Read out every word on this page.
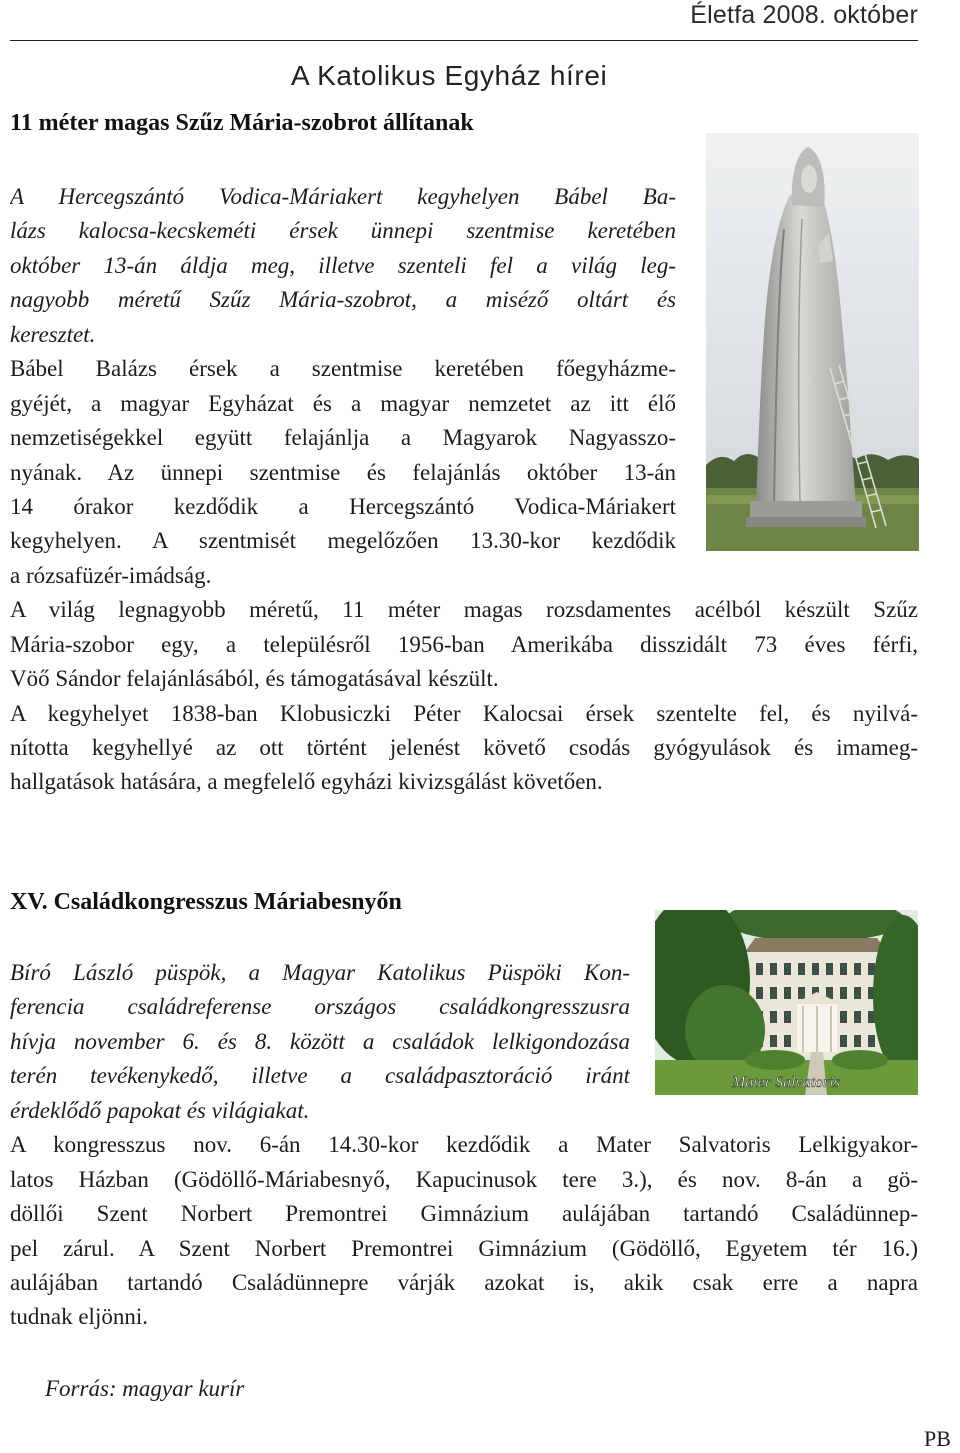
Életfa 2008. október
A Katolikus Egyház hírei
11 méter magas Szűz Mária-szobrot állítanak
A Hercegszántó Vodica-Máriakert kegyhelyen Bábel Ba-
lázs kalocsa-kecskeméti érsek ünnepi szentmise keretében
október 13-án áldja meg, illetve szenteli fel a világ leg-
nagyobb méretű Szűz Mária-szobrot, a miséző oltárt és
keresztet.
Bábel Balázs érsek a szentmise keretében főegyházme-
gyéjét, a magyar Egyházat és a magyar nemzetet az itt élő
nemzetiségekkel együtt felajánlja a Magyarok Nagyasszo-
nyának. Az ünnepi szentmise és felajánlás október 13-án
14 órakor kezdődik a Hercegszántó Vodica-Máriakert
kegyhelyen. A szentmisét megelőzően 13.30-kor kezdődik
a rózsafüzér-imádság.
A világ legnagyobb méretű, 11 méter magas rozsdamentes acélból készült Szűz
Mária-szobor egy, a településről 1956-ban Amerikába disszidált 73 éves férfi,
Vöő Sándor felajánlásából, és támogatásával készült.
A kegyhelyet 1838-ban Klobusiczki Péter Kalocsai érsek szentelte fel, és nyilvá-
nította kegyhellyé az ott történt jelenést követő csodás gyógyulások és imameg-
hallgatások hatására, a megfelelő egyházi kivizsgálást követően.
XV. Családkongresszus Máriabesnyőn
Mater Salvatoris
Bíró László püspök, a Magyar Katolikus Püspöki Kon-
ferencia családreferense országos családkongresszusra
hívja november 6. és 8. között a családok lelkigondozása
terén tevékenykedő, illetve a családpasztoráció iránt
érdeklődő papokat és világiakat.
A kongresszus nov. 6-án 14.30-kor kezdődik a Mater Salvatoris Lelkigyakor-
latos Házban (Gödöllő-Máriabesnyő, Kapucinusok tere 3.), és nov. 8-án a gö-
döllői Szent Norbert Premontrei Gimnázium aulájában tartandó Családünnep-
pel zárul. A Szent Norbert Premontrei Gimnázium (Gödöllő, Egyetem tér 16.)
aulájában tartandó Családünnepre várják azokat is, akik csak erre a napra
tudnak eljönni.
Forrás: magyar kurír
PB
